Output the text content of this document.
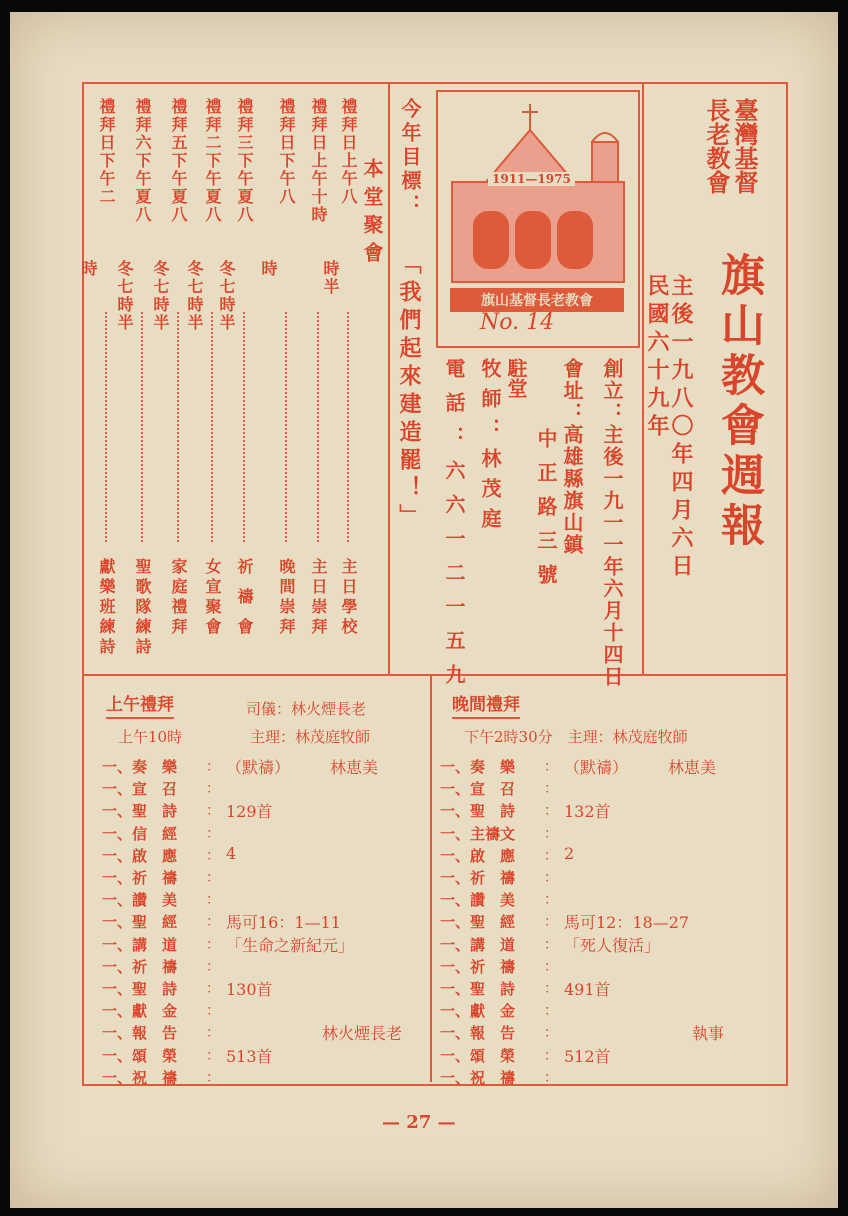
臺灣基督
長老教會
旗山教會週報
主後一九八〇年四月六日
民國六十九年
1911—1975
旗山基督長老教會
No. 14
創立：主後一九一一年六月十四日
會址：高雄縣旗山鎮
中正路三號
駐堂
牧師：林茂庭
電話：六六一二一五九
今年目標：
「我們起來建造罷！」
本堂聚會
禮拜日上午八
時半
主日學校
禮拜日上午十時
主日崇拜
禮拜日下午八
時
晚間崇拜
禮拜三下午夏八
冬七時半
祈禱會
禮拜二下午夏八
冬七時半
女宣聚會
禮拜五下午夏八
冬七時半
家庭禮拜
禮拜六下午夏八
冬七時半
聖歌隊練詩
禮拜日下午二
時
獻樂班練詩
上午禮拜	司儀：林火煙長老
上午10時	主理：林茂庭牧師
一、奏　樂 ： （默禱）　　　林恵美
一、宣　召 ：
一、聖　詩 ： 129首
一、信　經 ：
一、啟　應 ： 4
一、祈　禱 ：
一、讚　美 ：
一、聖　經 ： 馬可16：1—11
一、講　道 ： 「生命之新紀元」
一、祈　禱 ：
一、聖　詩 ： 130首
一、獻　金 ：
一、報　告 ： 　　　　　　林火煙長老
一、頌　榮 ： 513首
一、祝　禱 ：
晚間禮拜
下午2時30分　主理：林茂庭牧師
一、奏　樂 ： （默禱）　　　林恵美
一、宣　召 ：
一、聖　詩 ： 132首
一、主禱文 ：
一、啟　應 ： 2
一、祈　禱 ：
一、讚　美 ：
一、聖　經 ： 馬可12：18—27
一、講　道 ： 「死人復活」
一、祈　禱 ：
一、聖　詩 ： 491首
一、獻　金 ：
一、報　告 ： 　　　　　　　　執事
一、頌　榮 ： 512首
一、祝　禱 ：
— 27 —
